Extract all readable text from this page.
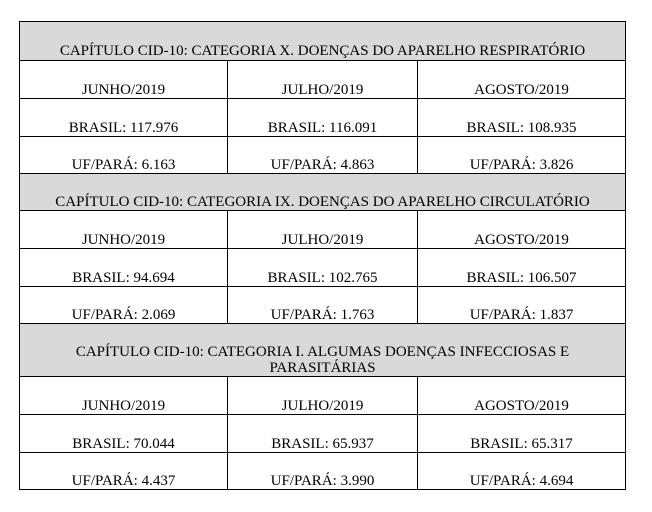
CAPÍTULO CID-10: CATEGORIA X. DOENÇAS DO APARELHO RESPIRATÓRIO		
JUNHO/2019	JULHO/2019	AGOSTO/2019
BRASIL: 117.976	BRASIL: 116.091	BRASIL: 108.935
UF/PARÁ: 6.163	UF/PARÁ: 4.863	UF/PARÁ: 3.826
CAPÍTULO CID-10: CATEGORIA IX. DOENÇAS DO APARELHO CIRCULATÓRIO		
JUNHO/2019	JULHO/2019	AGOSTO/2019
BRASIL: 94.694	BRASIL: 102.765	BRASIL: 106.507
UF/PARÁ: 2.069	UF/PARÁ: 1.763	UF/PARÁ: 1.837
CAPÍTULO CID-10: CATEGORIA I. ALGUMAS DOENÇAS INFECCIOSAS E PARASITÁRIAS		
JUNHO/2019	JULHO/2019	AGOSTO/2019
BRASIL: 70.044	BRASIL: 65.937	BRASIL: 65.317
UF/PARÁ: 4.437	UF/PARÁ: 3.990	UF/PARÁ: 4.694
